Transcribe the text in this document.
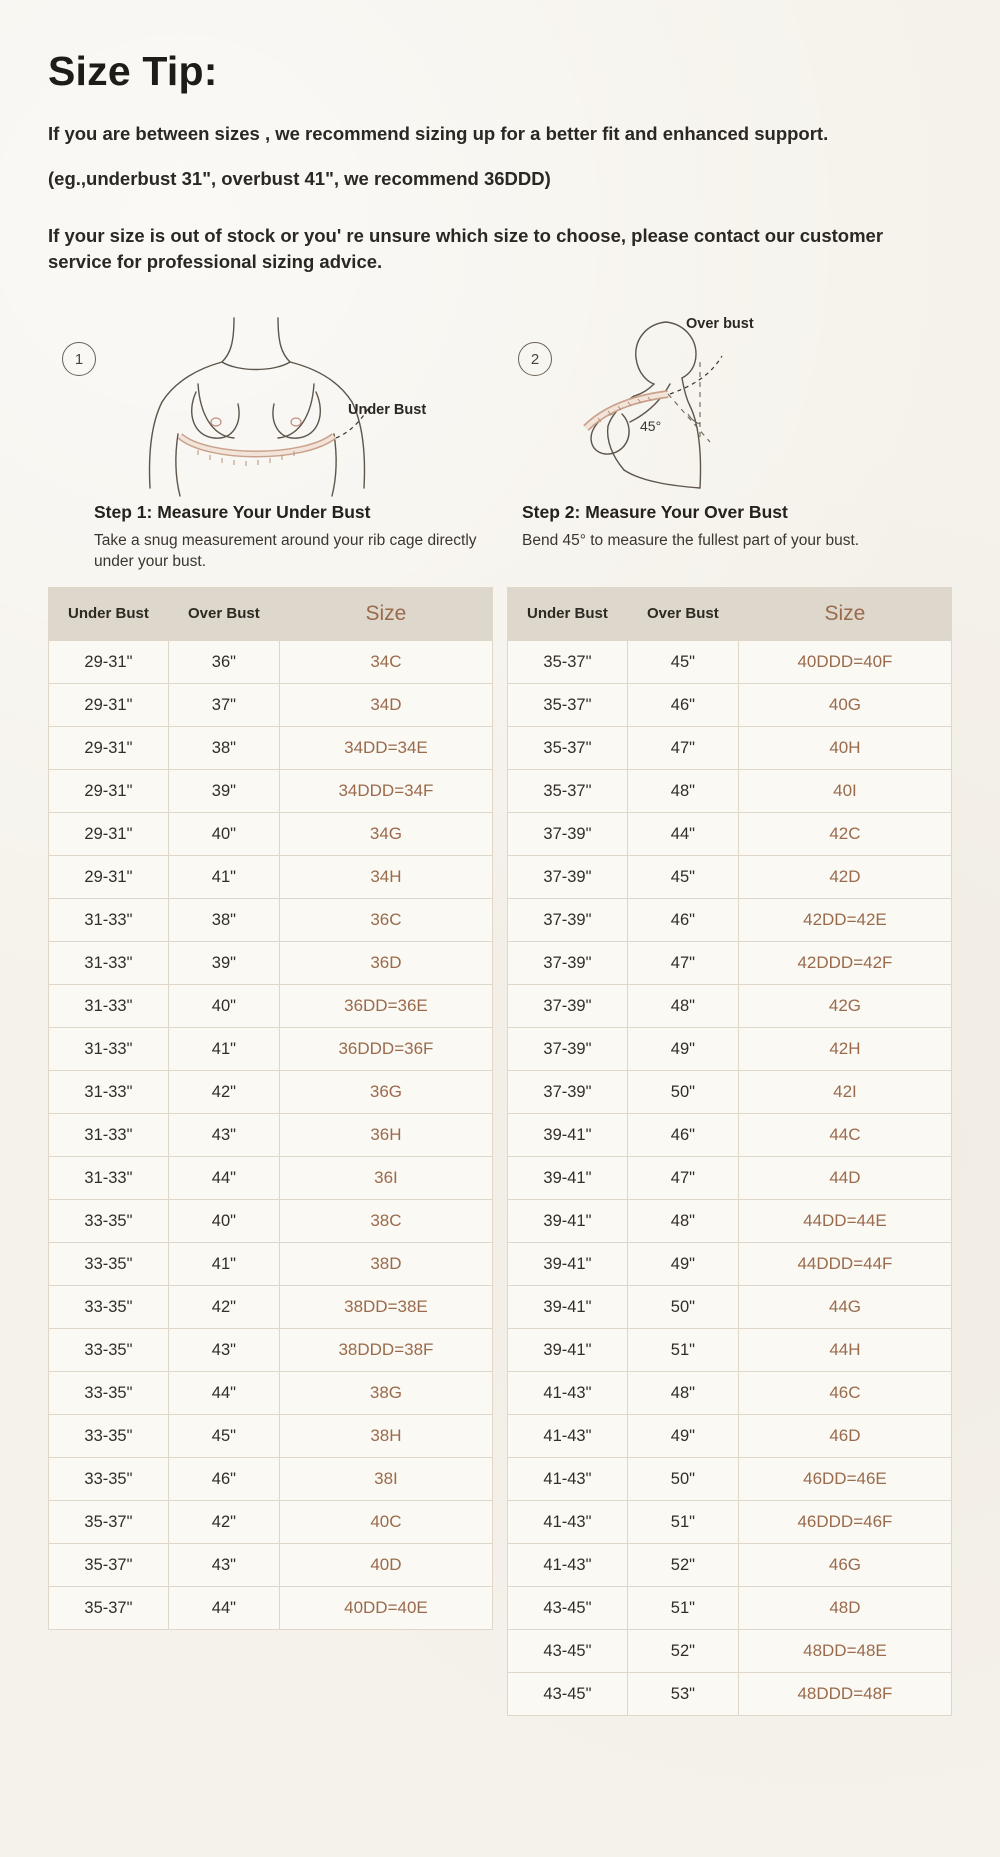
Size Tip:

If you are between sizes , we recommend sizing up for a better fit and enhanced support.

(eg.,underbust 31", overbust 41", we recommend 36DDD)

If your size is out of stock or you' re unsure which size to choose, please contact our customer service for professional sizing advice.

1
Under Bust
Step 1: Measure Your Under Bust
Take a snug measurement around your rib cage directly under your bust.
2
Over bust
45°
Step 2: Measure Your Over Bust
Bend 45° to measure the fullest part of your bust.
Under Bust	Over Bust	Size
29-31"	36"	34C
29-31"	37"	34D
29-31"	38"	34DD=34E
29-31"	39"	34DDD=34F
29-31"	40"	34G
29-31"	41"	34H
31-33"	38"	36C
31-33"	39"	36D
31-33"	40"	36DD=36E
31-33"	41"	36DDD=36F
31-33"	42"	36G
31-33"	43"	36H
31-33"	44"	36I
33-35"	40"	38C
33-35"	41"	38D
33-35"	42"	38DD=38E
33-35"	43"	38DDD=38F
33-35"	44"	38G
33-35"	45"	38H
33-35"	46"	38I
35-37"	42"	40C
35-37"	43"	40D
35-37"	44"	40DD=40E
Under Bust	Over Bust	Size
35-37"	45"	40DDD=40F
35-37"	46"	40G
35-37"	47"	40H
35-37"	48"	40I
37-39"	44"	42C
37-39"	45"	42D
37-39"	46"	42DD=42E
37-39"	47"	42DDD=42F
37-39"	48"	42G
37-39"	49"	42H
37-39"	50"	42I
39-41"	46"	44C
39-41"	47"	44D
39-41"	48"	44DD=44E
39-41"	49"	44DDD=44F
39-41"	50"	44G
39-41"	51"	44H
41-43"	48"	46C
41-43"	49"	46D
41-43"	50"	46DD=46E
41-43"	51"	46DDD=46F
41-43"	52"	46G
43-45"	51"	48D
43-45"	52"	48DD=48E
43-45"	53"	48DDD=48F
